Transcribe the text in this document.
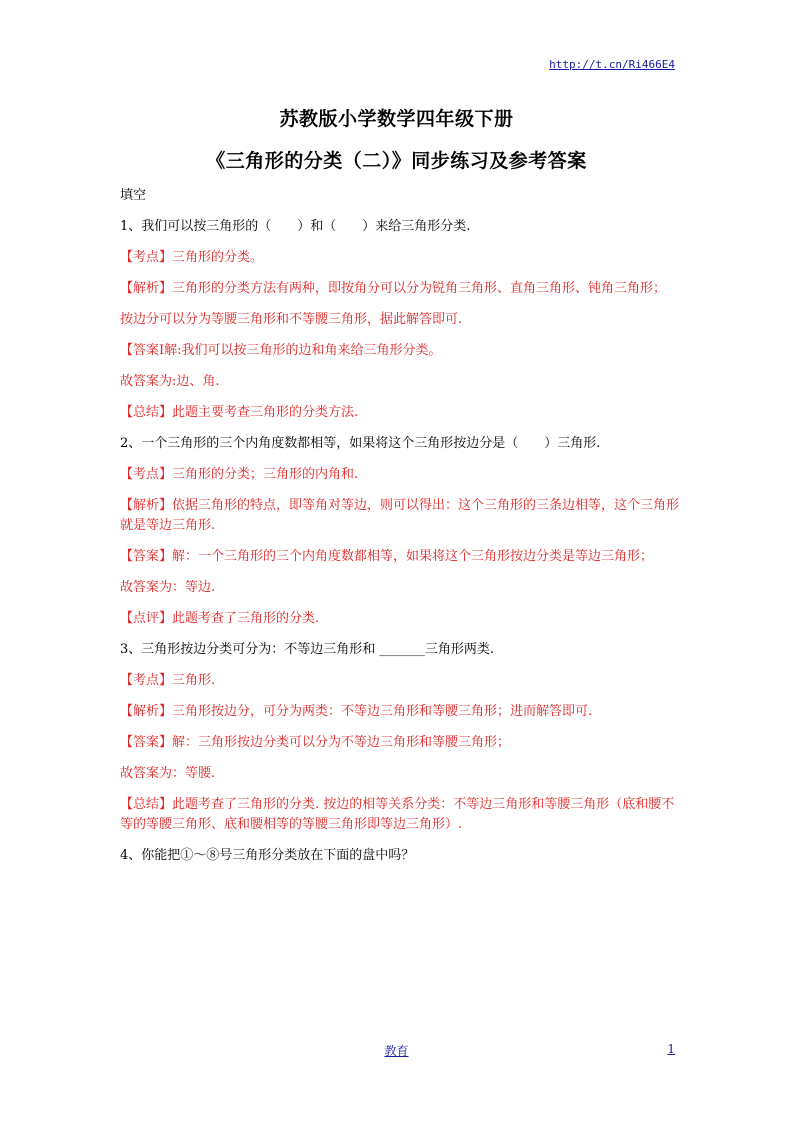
http://t.cn/Ri466E4
苏教版小学数学四年级下册
《三角形的分类（二）》同步练习及参考答案
填空
1、我们可以按三角形的（　　）和（　　）来给三角形分类.
【考点】三角形的分类。
【解析】三角形的分类方法有两种，即按角分可以分为锐角三角形、直角三角形、钝角三角形；
按边分可以分为等腰三角形和不等腰三角形，据此解答即可.
【答案Ⅰ解:我们可以按三角形的边和角来给三角形分类。
故答案为:边、角.
【总结】此题主要考查三角形的分类方法.
2、一个三角形的三个内角度数都相等，如果将这个三角形按边分是（　　）三角形.
【考点】三角形的分类；三角形的内角和.
【解析】依据三角形的特点，即等角对等边，则可以得出：这个三角形的三条边相等，这个三角形就是等边三角形.
【答案】解：一个三角形的三个内角度数都相等，如果将这个三角形按边分类是等边三角形；
故答案为：等边.
【点评】此题考查了三角形的分类.
3、三角形按边分类可分为：不等边三角形和 _______三角形两类.
【考点】三角形.
【解析】三角形按边分，可分为两类：不等边三角形和等腰三角形；进而解答即可.
【答案】解：三角形按边分类可以分为不等边三角形和等腰三角形；
故答案为：等腰.
【总结】此题考查了三角形的分类. 按边的相等关系分类：不等边三角形和等腰三角形（底和腰不等的等腰三角形、底和腰相等的等腰三角形即等边三角形）.
4、你能把①～⑧号三角形分类放在下面的盘中吗？
教育	1
